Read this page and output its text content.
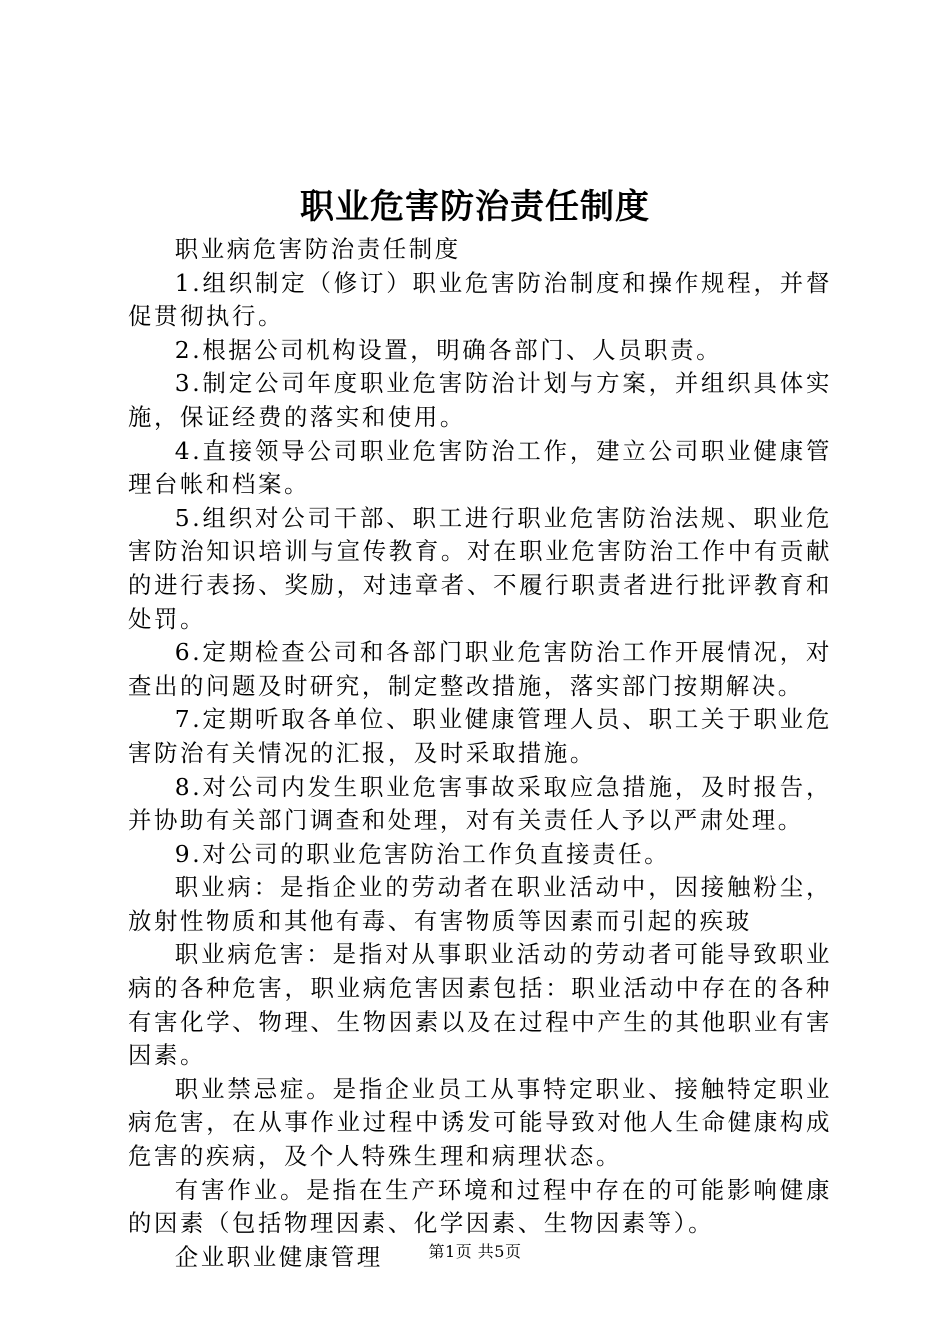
职业危害防治责任制度

职业病危害防治责任制度

1.组织制定（修订）职业危害防治制度和操作规程，并督促贯彻执行。

2.根据公司机构设置，明确各部门、人员职责。

3.制定公司年度职业危害防治计划与方案，并组织具体实施，保证经费的落实和使用。

4.直接领导公司职业危害防治工作，建立公司职业健康管理台帐和档案。

5.组织对公司干部、职工进行职业危害防治法规、职业危害防治知识培训与宣传教育。对在职业危害防治工作中有贡献的进行表扬、奖励，对违章者、不履行职责者进行批评教育和处罚。

6.定期检查公司和各部门职业危害防治工作开展情况，对查出的问题及时研究，制定整改措施，落实部门按期解决。

7.定期听取各单位、职业健康管理人员、职工关于职业危害防治有关情况的汇报，及时采取措施。

8.对公司内发生职业危害事故采取应急措施，及时报告，并协助有关部门调查和处理，对有关责任人予以严肃处理。

9.对公司的职业危害防治工作负直接责任。

职业病：是指企业的劳动者在职业活动中，因接触粉尘，放射性物质和其他有毒、有害物质等因素而引起的疾玻

职业病危害：是指对从事职业活动的劳动者可能导致职业病的各种危害，职业病危害因素包括：职业活动中存在的各种有害化学、物理、生物因素以及在过程中产生的其他职业有害因素。

职业禁忌症。是指企业员工从事特定职业、接触特定职业病危害，在从事作业过程中诱发可能导致对他人生命健康构成危害的疾病，及个人特殊生理和病理状态。

有害作业。是指在生产环境和过程中存在的可能影响健康的因素（包括物理因素、化学因素、生物因素等）。

企业职业健康管理	第1页 共5页
